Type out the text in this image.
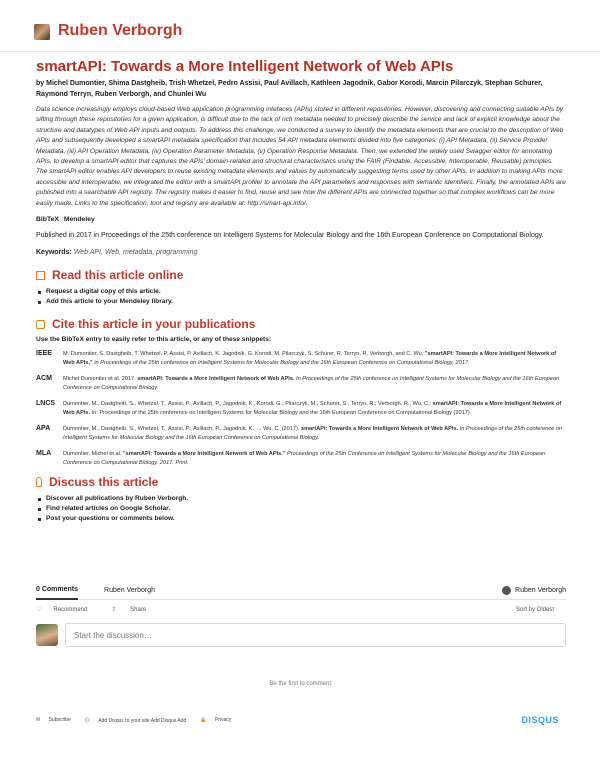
Ruben Verborgh
smartAPI: Towards a More Intelligent Network of Web APIs
by Michel Dumontier, Shima Dastgheib, Trish Whetzel, Pedro Assisi, Paul Avillach, Kathleen Jagodnik, Gabor Korodi, Marcin Pilarczyk, Stephan Schurer, Raymond Terryn, Ruben Verborgh, and Chunlei Wu
Data science increasingly employs cloud-based Web application programming intefaces (APIs) stored in different repositories. However, discovering and connecting suitable APIs by sifting through these repositories for a given application, is difficult due to the lack of rich metadata needed to precisely describe the service and lack of explicit knowledge about the structure and datatypes of Web API inputs and outputs. To address this challenge, we conducted a survey to identify the metadata elements that are crucial to the description of Web APIs and subsequently developed a smartAPI metadata specification that includes 54 API metadata elements divided into five categories: (i) API Metadata, (ii) Service Provider Metadata, (iii) API Operation Metadata, (iv) Operation Parameter Metadata, (v) Operation Response Metadata. Then, we extended the widely used Swagger editor for annotating APIs, to develop a smartAPI editor that captures the APIs' domain-related and structural characteristics using the FAIR (Findable, Accessible, Interoperable, Reusable) principles. The smartAPI editor enables API developers to reuse existing metadata elements and values by automatically suggesting terms used by other APIs. In addition to making APIs more accessible and interoperable, we integrated the editor with a smartAPI profiler to annotate the API parameters and responses with semantic identifiers. Finally, the annotated APIs are published into a searchable API registry. The registry makes it easier to find, reuse and see how the different APIs are connected together so that complex workflows can be more easily made. Links to the specification, tool and registry are available at: http://smart-api.info/.
BibTeX Mendeley
Published in 2017 in Proceedings of the 25th conference on Intelligent Systems for Molecular Biology and the 16th European Conference on Computational Biology.
Keywords: Web API, Web, metadata, programming
Read this article online
Request a digital copy of this article.
Add this article to your Mendeley library.
Cite this article in your publications
Use the BibTeX entry to easily refer to this article, or any of these snippets:
IEEE	M. Dumontier, S. Dastgheib, T. Whetzel, P. Assisi, P. Avillach, K. Jagodnik, G. Korodi, M. Pilarczyk, S. Schurer, R. Terryn, R. Verborgh, and C. Wu, "smartAPI: Towards a More Intelligent Network of Web APIs," in Proceedings of the 25th conference on Intelligent Systems for Molecular Biology and the 16th European Conference on Computational Biology, 2017.
ACM	Michel Dumontier et al. 2017. smartAPI: Towards a More Intelligent Network of Web APIs. In Proceedings of the 25th conference on Intelligent Systems for Molecular Biology and the 16th European Conference on Computational Biology.
LNCS	Dumontier, M., Dastgheib, S., Whetzel, T., Assisi, P., Avillach, P., Jagodnik, K., Korodi, G., Pilarczyk, M., Schurer, S., Terryn, R., Verborgh, R., Wu, C.: smartAPI: Towards a More Intelligent Network of Web APIs. In: Proceedings of the 25th conference on Intelligent Systems for Molecular Biology and the 16th European Conference on Computational Biology (2017).
APA	Dumontier, M., Dastgheib, S., Whetzel, T., Assisi, P., Avillach, P., Jagodnik, K., ... Wu, C. (2017). smartAPI: Towards a More Intelligent Network of Web APIs. In Proceedings of the 25th conference on Intelligent Systems for Molecular Biology and the 16th European Conference on Computational Biology.
MLA	Dumontier, Michel et al. "smartAPI: Towards a More Intelligent Network of Web APIs." Proceedings of the 25th Conference on Intelligent Systems for Molecular Biology and the 16th European Conference on Computational Biology. 2017. Print.
Discuss this article
Discover all publications by Ruben Verborgh.
Find related articles on Google Scholar.
Post your questions or comments below.
0 Comments	Ruben Verborgh	Ruben Verborgh
♡ Recommend	⇪ Share	Sort by Oldest
Start the discussion…
Be the first to comment.
✉ Subscribe	Ⓓ Add Disqus to your site Add Disqus Add	🔒 Privacy	DISQUS
